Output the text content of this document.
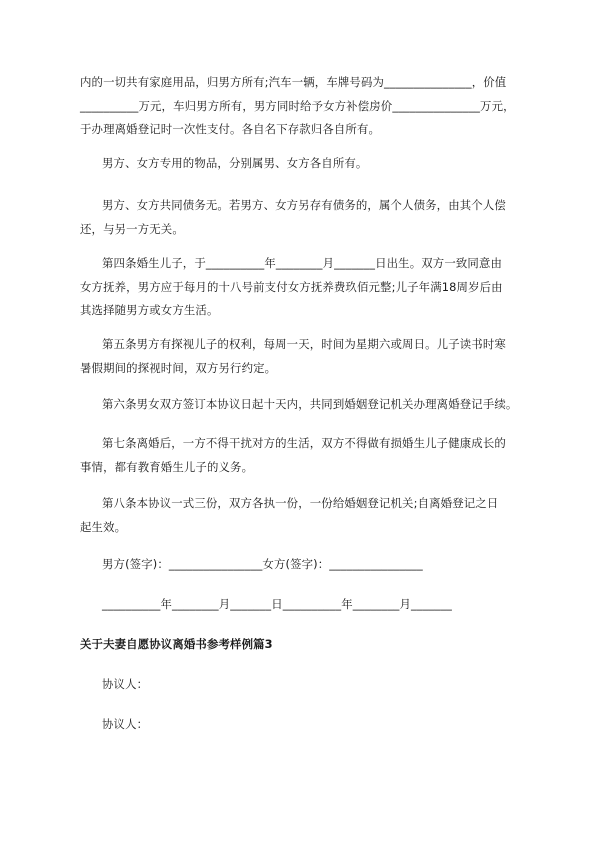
内的一切共有家庭用品，归男方所有;汽车一辆，车牌号码为_______________，价值
__________万元，车归男方所有，男方同时给予女方补偿房价_______________万元，
于办理离婚登记时一次性支付。各自名下存款归各自所有。
男方、女方专用的物品，分别属男、女方各自所有。
男方、女方共同债务无。若男方、女方另存有债务的，属个人债务，由其个人偿
还，与另一方无关。
第四条婚生儿子，于__________年________月_______日出生。双方一致同意由
女方抚养，男方应于每月的十八号前支付女方抚养费玖佰元整;儿子年满18周岁后由
其选择随男方或女方生活。
第五条男方有探视儿子的权利，每周一天，时间为星期六或周日。儿子读书时寒
暑假期间的探视时间，双方另行约定。
第六条男女双方签订本协议日起十天内，共同到婚姻登记机关办理离婚登记手续。
第七条离婚后，一方不得干扰对方的生活，双方不得做有损婚生儿子健康成长的
事情，都有教育婚生儿子的义务。
第八条本协议一式三份，双方各执一份，一份给婚姻登记机关;自离婚登记之日
起生效。
男方(签字)：________________女方(签字)：________________
__________年________月_______日__________年________月_______
关于夫妻自愿协议离婚书参考样例篇3
协议人：
协议人：
